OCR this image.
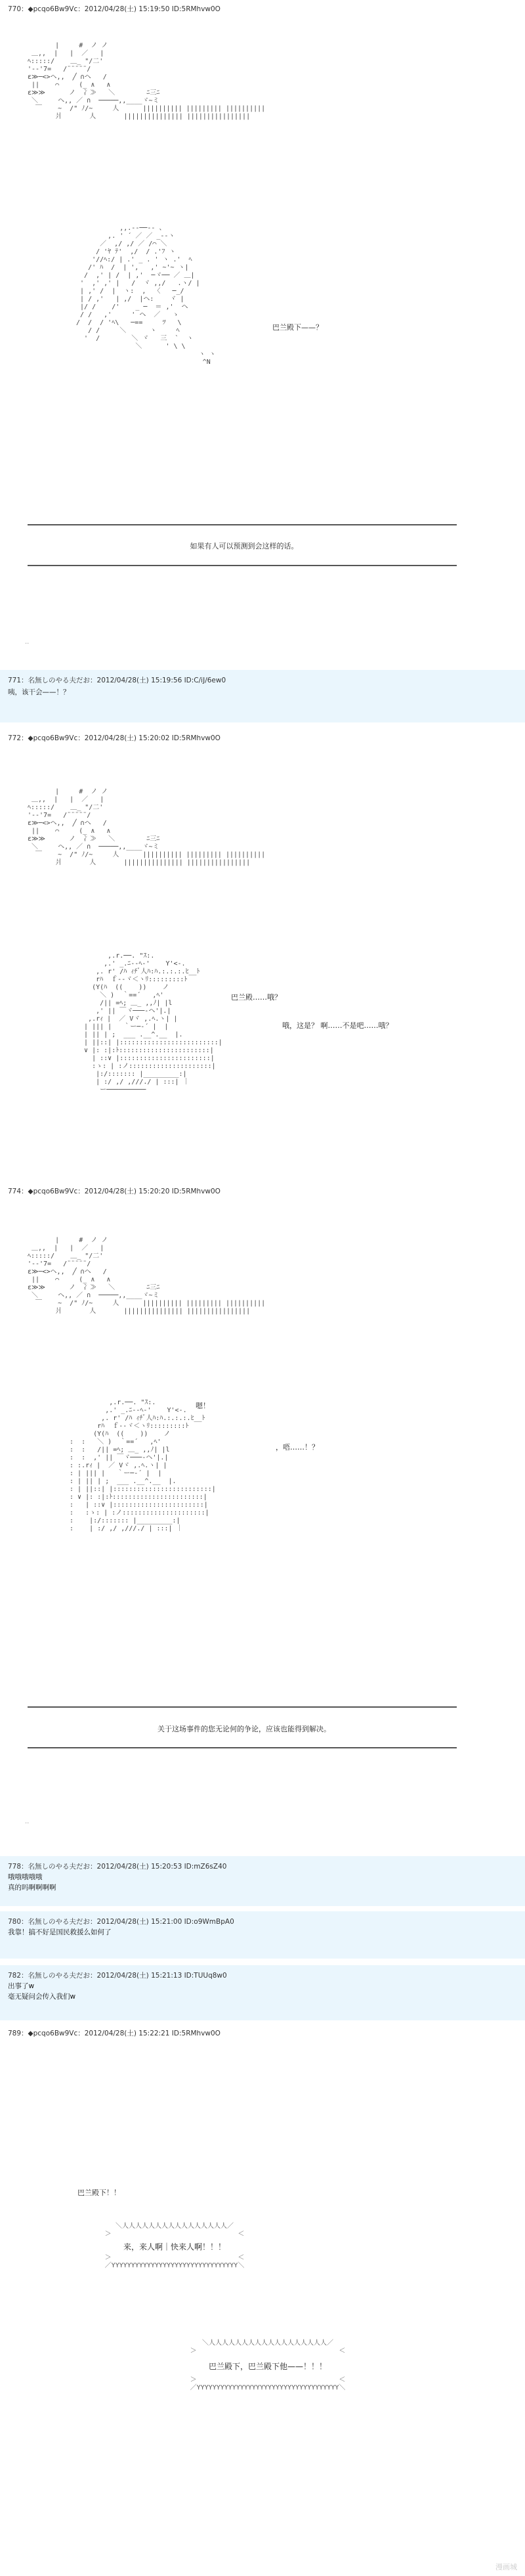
770：◆pcqo6Bw9Vc：2012/04/28(土) 15:19:50 ID:5RMhvw0O
|     #  ノ ノ
＿,,  |   |  ／   |
ﾍ:::::/    ＿_ "/二'
'-‐'7=   /¨¨¨¨¨/
ε≫─<>ヘ,,  ╱ ∩ヘ   /
||    ⌒     (̲ ∧   ∧
ε≫≫      ノ  冫≫   ＼        ﾆ三ﾆ
＼     ヘ,, ／ ∩  ─────,,____ヾ~ミ
￣    ~  /" ﾉ/~     人      |||||||||| ||||||||| ||||||||||
爿       人       ||||||||||||||| ||||||||||||||||
,,.--──‐‐ 、
,. ' ´ ／ ／ _-‐ヽ
／  ,/ ,/ ／ /⌒ ＼
/ 'ﾔ ﾃ'  ,/  / .'ﾌ ヽ
'//ﾍ:/ | .' _ . ' ヽ .'  ﾍ
/' ﾊ  /  | ',   ,' ~'~ ヽ|
/  ,' | /  | ,'  ─ヾ── ／ ＿|
'  ,' ,' |   /  ヾ ,,/   .ヽ/ |
| ,' /  |  ヽ:  ,  〈   ─_/
| / ,'   | ,/  |ヘ:    ヾ |
|/ /    /'    _ ─  ＝ ,'  ヘ
/ /   ,'     ' ヘ  ／   ゝ
/  /  / 'ﾍ\   ─==     ﾂ   \
/ /     ＼      ヽ     ﾍ
'  /        ＼ ヾ   三  `  ヽ
＼      ' \ \
ヽ ヽ
^N
巴兰殿下——？
如果有人可以预测到会这样的话。
..
771：名無しのやる夫だお：2012/04/28(土) 15:19:56 ID:C/iJ/6ew0
咦，该干会——！？
772：◆pcqo6Bw9Vc：2012/04/28(土) 15:20:02 ID:5RMhvw0O
|     #  ノ ノ
＿,,  |   |  ／   |
ﾍ:::::/    ＿_ "/二'
'-‐'7=   /¨¨¨¨¨/
ε≫─<>ヘ,,  ╱ ∩ヘ   /
||    ⌒     (̲ ∧   ∧
ε≫≫      ノ  冫≫   ＼        ﾆ三ﾆ
＼     ヘ,, ／ ∩  ─────,,____ヾ~ミ
￣    ~  /" ﾉ/~     人      |||||||||| ||||||||| ||||||||||
爿       人       ||||||||||||||| ||||||||||||||||
,.r.──. "ｽ:.
,.' _.ﾆ-‐ﾍ‐'    Y'<-.
,. r' /ﾊ ｨﾁﾞ人ﾊ:ﾊ.:.:.:.ﾋ__ﾄ
rﾊ  ｆ‐‐ヾ＜ヽﾘ:::::::::ﾄ
(Y(ﾊ  ((    ))    ノ
＼ )  ｀==´   ,ﾍ'
/|| =ﾍ; ＿_ ,,ﾉ| |l
,' || ￣ヾ───‐ヘ'|.|
,.rｨ |  ／ Vヾ ,.ﾍ.ヽ| |
| ||| |   ｀ー─‐´ |  |
| || | ;  ___ .__^.__  |.
| ||::| |:::::::::::::::::::::::::|
∨ |: :|:ﾄ:::::::::::::::::::::::|
| ::∨ |:::::::::::::::::::::::|
:ゝ: | :ノ:::::::::::::::::::::|
|:/::::::: |_________:|
| :/ ,/ ,///./ | :::| ｜
ー──────────
巴兰殿……哦？
哦，这是？ 啊……不是吧……哦？
774：◆pcqo6Bw9Vc：2012/04/28(土) 15:20:20 ID:5RMhvw0O
|     #  ノ ノ
＿,,  |   |  ／   |
ﾍ:::::/    ＿_ "/二'
'-‐'7=   /¨¨¨¨¨/
ε≫─<>ヘ,,  ╱ ∩ヘ   /
||    ⌒     (̲ ∧   ∧
ε≫≫      ノ  冫≫   ＼        ﾆ三ﾆ
＼     ヘ,, ／ ∩  ─────,,____ヾ~ミ
￣    ~  /" ﾉ/~     人      |||||||||| ||||||||| ||||||||||
爿       人       ||||||||||||||| ||||||||||||||||
,.r.──. "ｽ:.
,.' _.ﾆ-‐ﾍ‐'    Y'<-.
,. r' /ﾊ ｨﾁﾞ人ﾊ:ﾊ.:.:.:.ﾋ__ﾄ
rﾊ  ｆ‐‐ヾ＜ヽﾘ:::::::::ﾄ
(Y(ﾊ  ((    ))    ノ
:  :   ＼ )  ｀==´   ,ﾍ'
:  :   /|| =ﾍ; ＿_ ,,ﾉ| |l
:  :  ,' || ￣ヾ───‐ヘ'|.|
: :.rｨ |  ／ Vヾ ,.ﾍ.ヽ| |
: | ||| |   ｀ー─‐´ |  |
: | || | ;  ___ .__^.__  |.
: | ||::| |:::::::::::::::::::::::::|
: ∨ |: :|:ﾄ:::::::::::::::::::::::|
:   | ::∨ |:::::::::::::::::::::::|
:   :ゝ: | :ノ:::::::::::::::::::::|
:    |:/::::::: |_________:|
:    | :/ ,/ ,///./ | :::| ｜
嗯！
，唔……！？
关于这场事件的您无论何的争论，应该也能得到解决。
..
778：名無しのやる夫だお：2012/04/28(土) 15:20:53 ID:mZ6sZ40
哦哦哦哦哦
真的吗啊啊啊啊
780：名無しのやる夫だお：2012/04/28(土) 15:21:00 ID:o9WmBpA0
我靠！搞不好是国民救援么如何了
782：名無しのやる夫だお：2012/04/28(土) 15:21:13 ID:TUUq8w0
出事了w
毫无疑问会传入我们w
789：◆pcqo6Bw9Vc：2012/04/28(土) 15:22:21 ID:5RMhvw0O
巴兰殿下！！
＼人人人人人人人人人人人人人人人人／
＞                                ＜
来，来人啊｜快来人啊！！！
＞                                ＜
／YYYYYYYYYYYYYYYYYYYYYYYYYYYYYYYY＼
＼人人人人人人人人人人人人人人人人人人／
＞                                    ＜
巴兰殿下，巴兰殿下他——！！！
＞                                    ＜
／YYYYYYYYYYYYYYYYYYYYYYYYYYYYYYYYYYYY＼
漫画城
